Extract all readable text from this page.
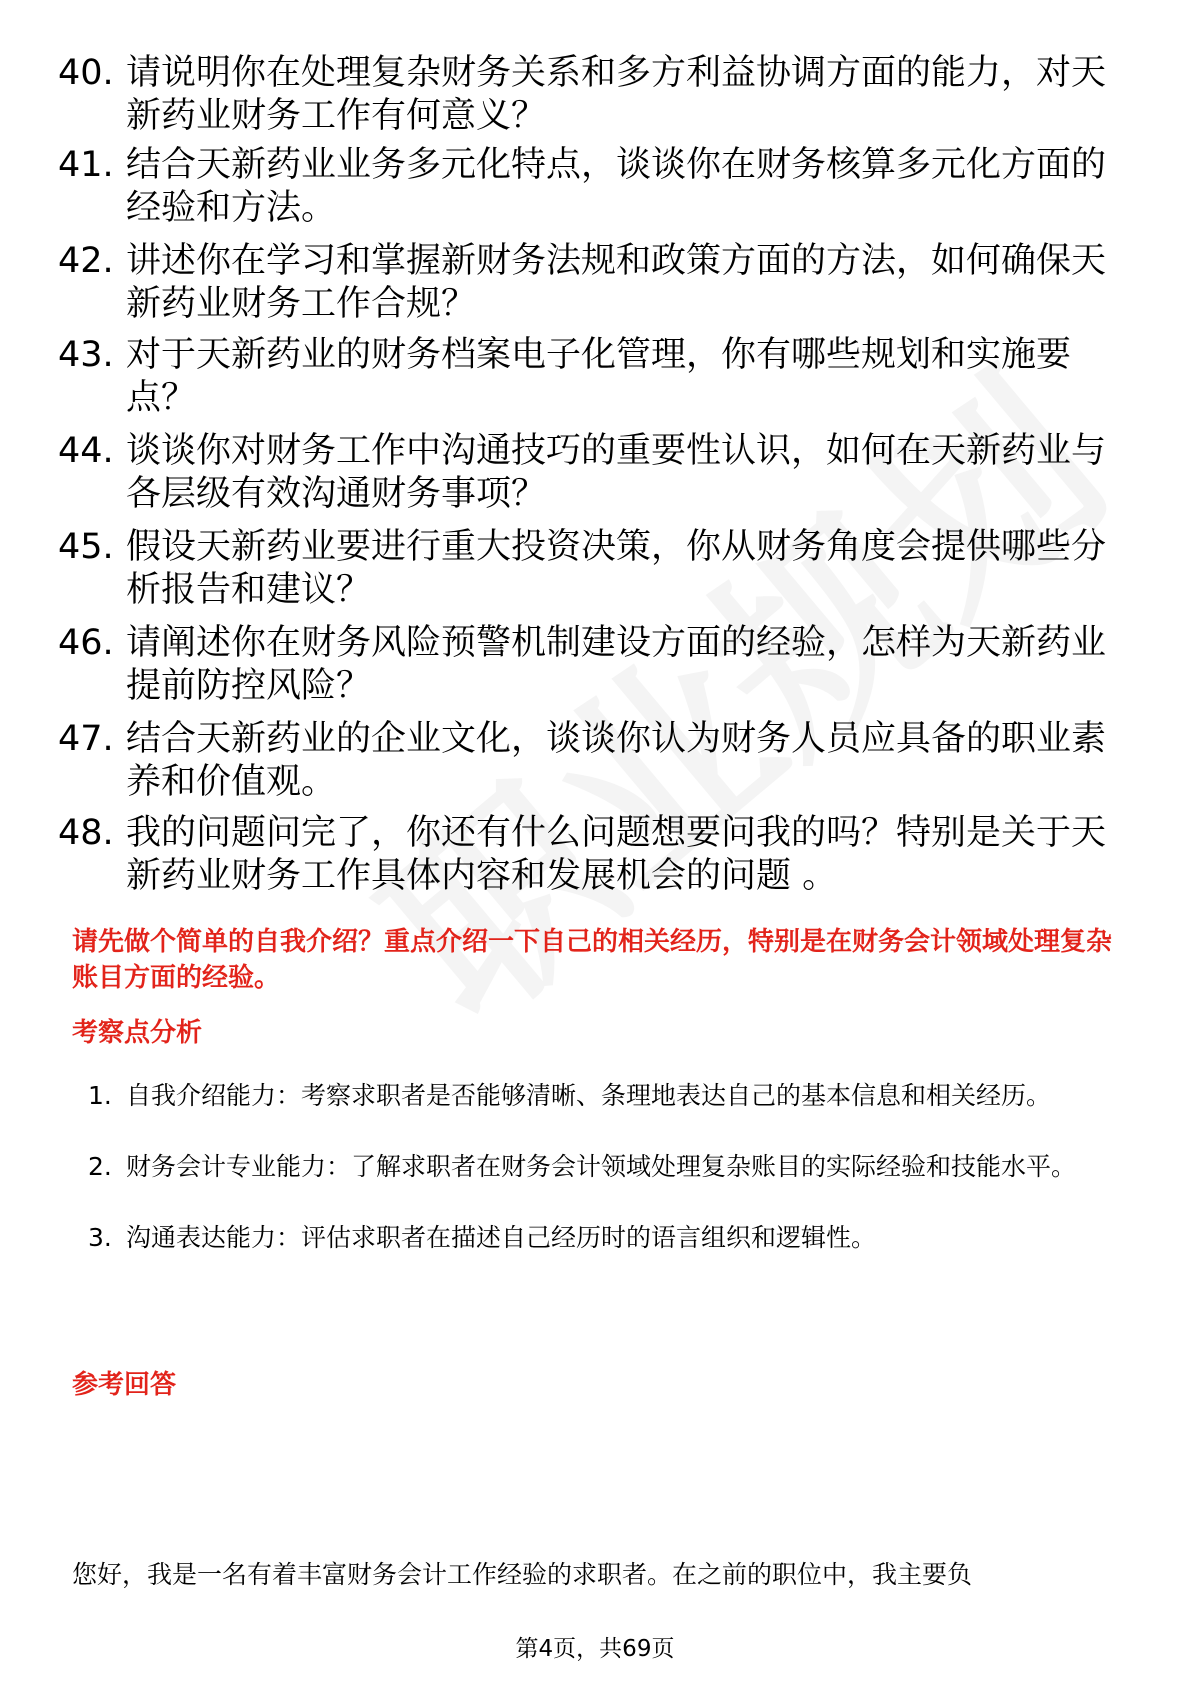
40. 请说明你在处理复杂财务关系和多方利益协调方面的能力，对天新药业财务工作有何意义？
41. 结合天新药业业务多元化特点，谈谈你在财务核算多元化方面的经验和方法。
42. 讲述你在学习和掌握新财务法规和政策方面的方法，如何确保天新药业财务工作合规？
43. 对于天新药业的财务档案电子化管理，你有哪些规划和实施要点？
44. 谈谈你对财务工作中沟通技巧的重要性认识，如何在天新药业与各层级有效沟通财务事项？
45. 假设天新药业要进行重大投资决策，你从财务角度会提供哪些分析报告和建议？
46. 请阐述你在财务风险预警机制建设方面的经验，怎样为天新药业提前防控风险？
47. 结合天新药业的企业文化，谈谈你认为财务人员应具备的职业素养和价值观。
48. 我的问题问完了，你还有什么问题想要问我的吗？特别是关于天新药业财务工作具体内容和发展机会的问题 。
请先做个简单的自我介绍？重点介绍一下自己的相关经历，特别是在财务会计领域处理复杂账目方面的经验。
考察点分析
1. 自我介绍能力：考察求职者是否能够清晰、条理地表达自己的基本信息和相关经历。
2. 财务会计专业能力：了解求职者在财务会计领域处理复杂账目的实际经验和技能水平。
3. 沟通表达能力：评估求职者在描述自己经历时的语言组织和逻辑性。
参考回答
您好，我是一名有着丰富财务会计工作经验的求职者。在之前的职位中，我主要负
第4页，共69页
